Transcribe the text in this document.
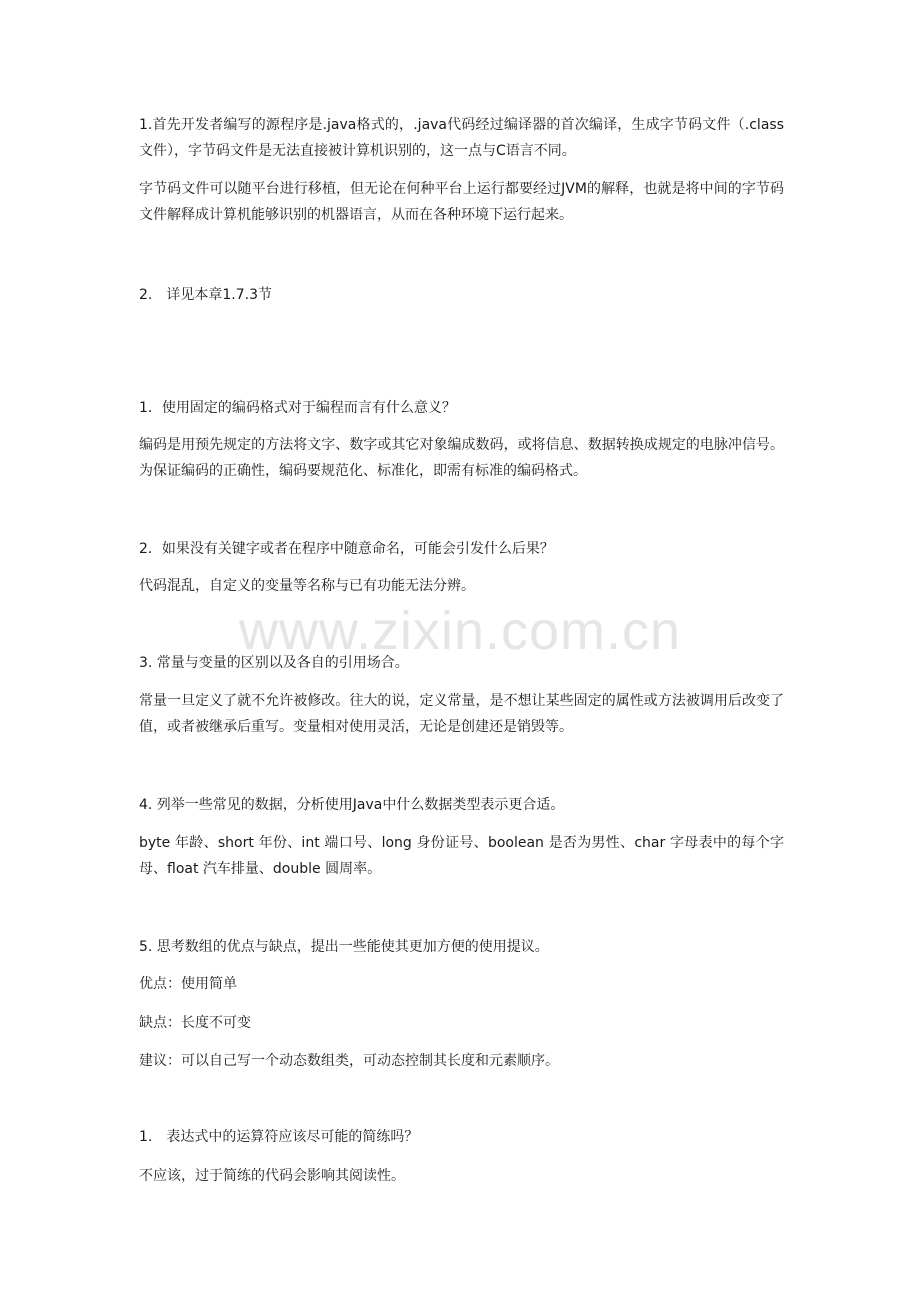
1.首先开发者编写的源程序是.java格式的，.java代码经过编译器的首次编译，生成字节码文件（.class文件），字节码文件是无法直接被计算机识别的，这一点与C语言不同。

字节码文件可以随平台进行移植，但无论在何种平台上运行都要经过JVM的解释，也就是将中间的字节码文件解释成计算机能够识别的机器语言，从而在各种环境下运行起来。

2.　详见本章1.7.3节

1．使用固定的编码格式对于编程而言有什么意义？

编码是用预先规定的方法将文字、数字或其它对象编成数码，或将信息、数据转换成规定的电脉冲信号。为保证编码的正确性，编码要规范化、标准化，即需有标准的编码格式。

2．如果没有关键字或者在程序中随意命名，可能会引发什么后果？

代码混乱，自定义的变量等名称与已有功能无法分辨。

3. 常量与变量的区别以及各自的引用场合。

常量一旦定义了就不允许被修改。往大的说，定义常量，是不想让某些固定的属性或方法被调用后改变了值，或者被继承后重写。变量相对使用灵活，无论是创建还是销毁等。

4. 列举一些常见的数据，分析使用Java中什么数据类型表示更合适。

byte 年龄、short 年份、int 端口号、long 身份证号、boolean 是否为男性、char 字母表中的每个字母、float 汽车排量、double 圆周率。

5. 思考数组的优点与缺点，提出一些能使其更加方便的使用提议。

优点：使用简单

缺点：长度不可变

建议：可以自己写一个动态数组类，可动态控制其长度和元素顺序。

1.　表达式中的运算符应该尽可能的简练吗？

不应该，过于简练的代码会影响其阅读性。

www.zixin.com.cn
